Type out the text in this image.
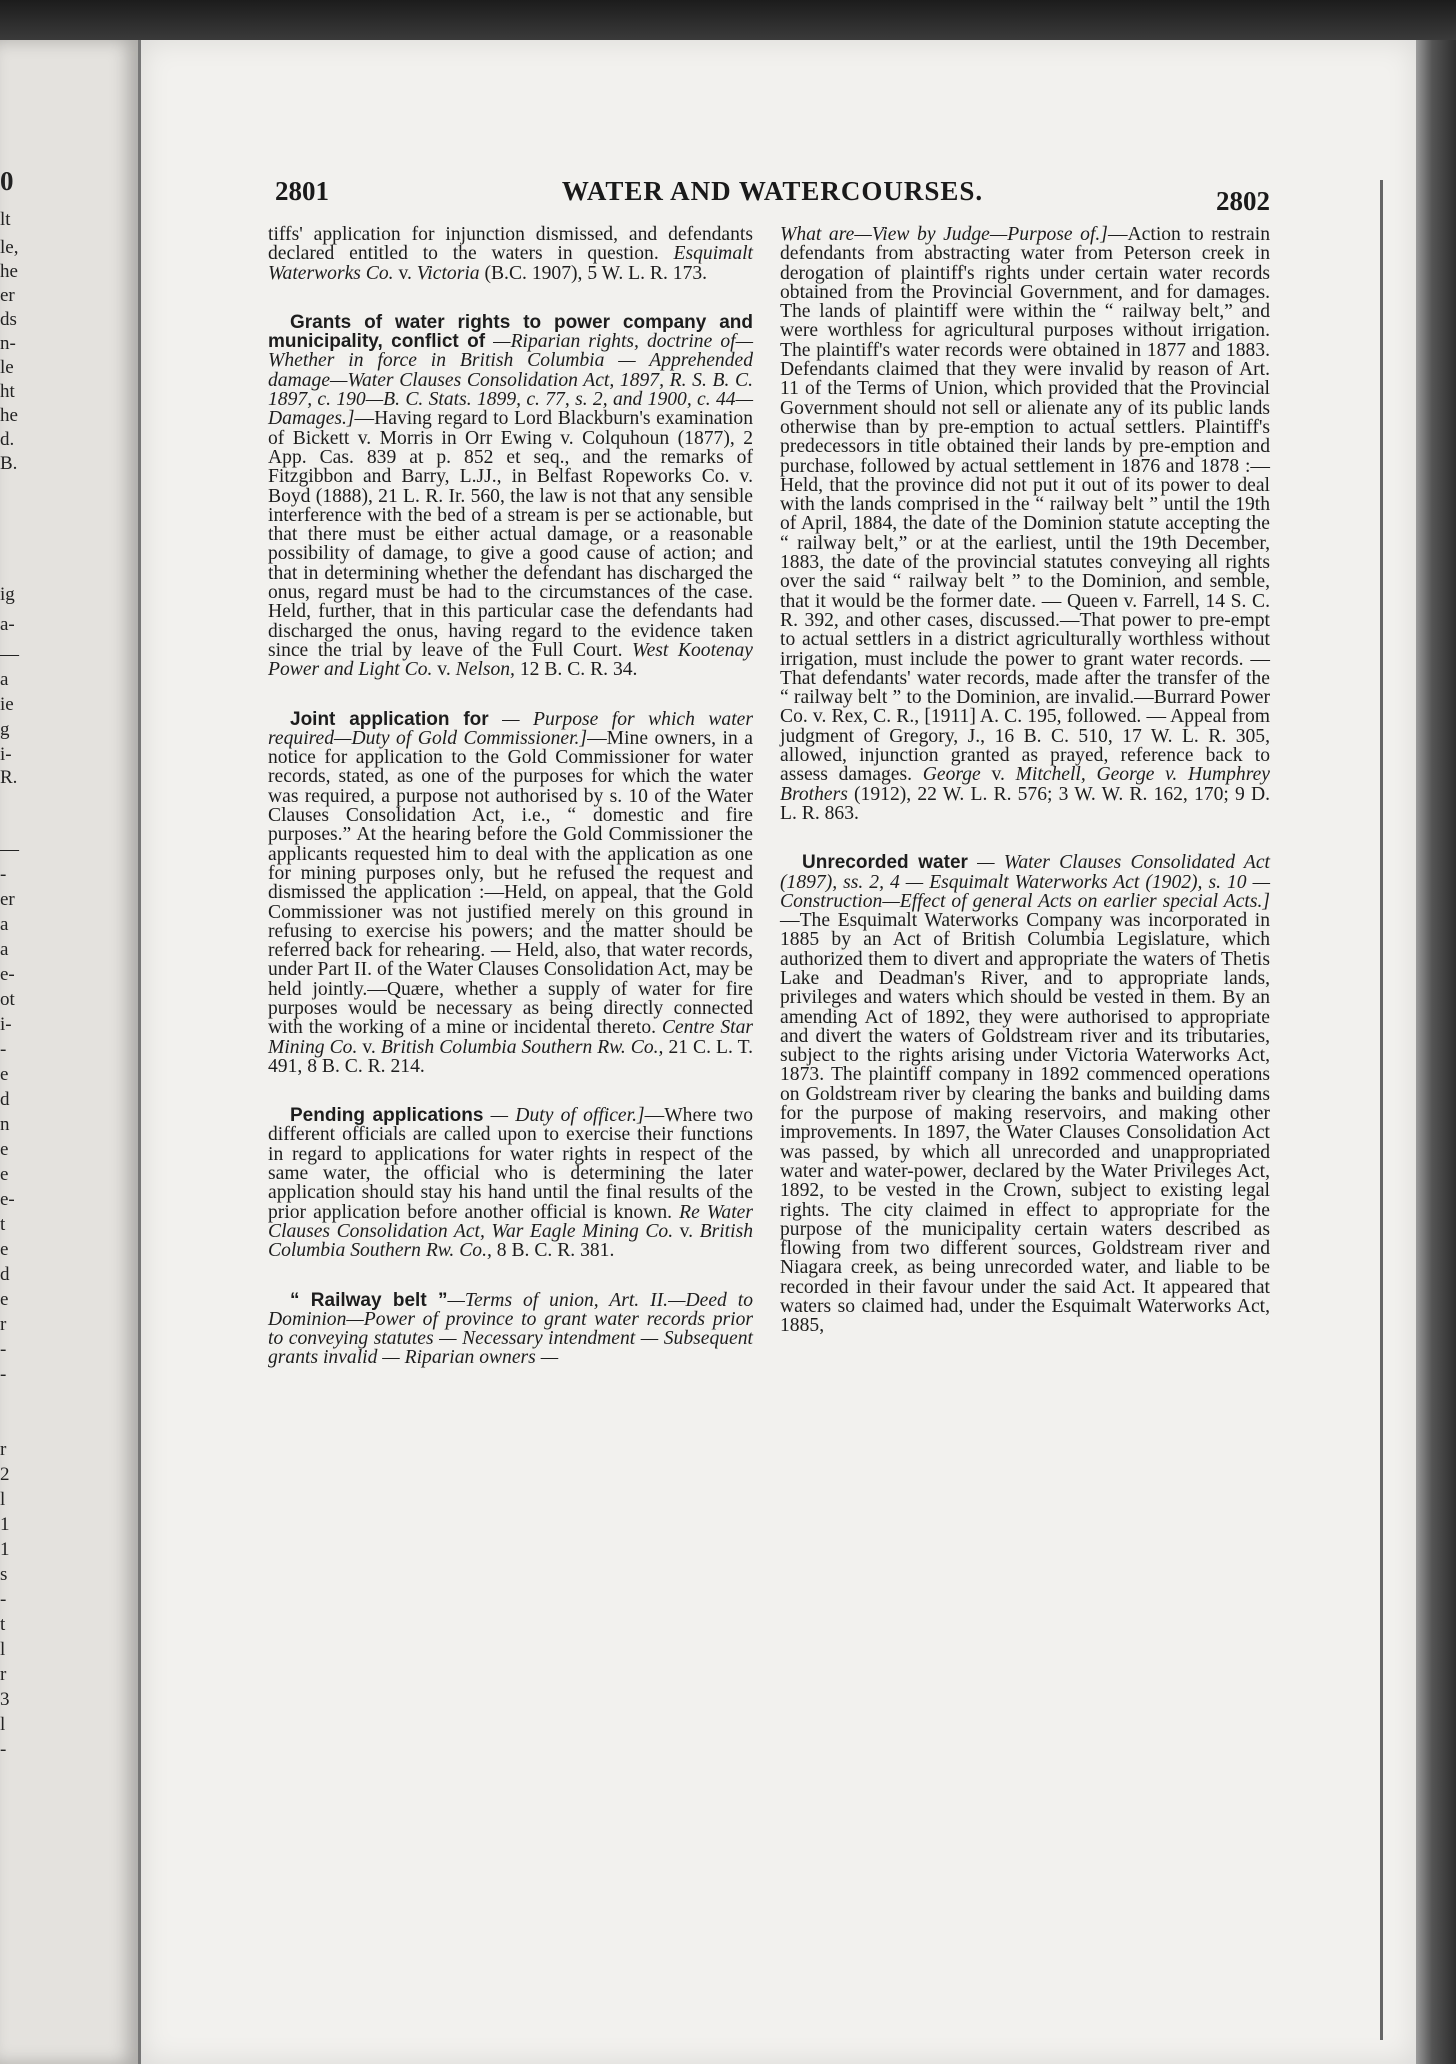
0
lt
le,
he
er
ds
n-
le
ht
he
d.
B.
ig
a-
—
a
ie
g
i-
R.
—
-
er
a
a
e-
ot
i-
-
e
d
n
e
e
e-
t
e
d
e
r
-
-
r
2
l
1
1
s
-
t
l
r
3
l
-
2801	WATER AND WATERCOURSES.	2802

tiffs' application for injunction dismissed, and defendants declared entitled to the waters in question. Esquimalt Waterworks Co. v. Victoria (B.C. 1907), 5 W. L. R. 173.

Grants of water rights to power company and municipality, conflict of —Riparian rights, doctrine of—Whether in force in British Columbia — Apprehended damage—Water Clauses Consolidation Act, 1897, R. S. B. C. 1897, c. 190—B. C. Stats. 1899, c. 77, s. 2, and 1900, c. 44—Damages.]—Having regard to Lord Blackburn's examination of Bickett v. Morris in Orr Ewing v. Colquhoun (1877), 2 App. Cas. 839 at p. 852 et seq., and the remarks of Fitzgibbon and Barry, L.JJ., in Belfast Ropeworks Co. v. Boyd (1888), 21 L. R. Ir. 560, the law is not that any sensible interference with the bed of a stream is per se actionable, but that there must be either actual damage, or a reasonable possibility of damage, to give a good cause of action; and that in determining whether the defendant has discharged the onus, regard must be had to the circumstances of the case. Held, further, that in this particular case the defendants had discharged the onus, having regard to the evidence taken since the trial by leave of the Full Court. West Kootenay Power and Light Co. v. Nelson, 12 B. C. R. 34.

Joint application for — Purpose for which water required—Duty of Gold Commissioner.]—Mine owners, in a notice for application to the Gold Commissioner for water records, stated, as one of the purposes for which the water was required, a purpose not authorised by s. 10 of the Water Clauses Consolidation Act, i.e., “ domestic and fire purposes.” At the hearing before the Gold Commissioner the applicants requested him to deal with the application as one for mining purposes only, but he refused the request and dismissed the application :—Held, on appeal, that the Gold Commissioner was not justified merely on this ground in refusing to exercise his powers; and the matter should be referred back for rehearing. — Held, also, that water records, under Part II. of the Water Clauses Consolidation Act, may be held jointly.—Quære, whether a supply of water for fire purposes would be necessary as being directly connected with the working of a mine or incidental thereto. Centre Star Mining Co. v. British Columbia Southern Rw. Co., 21 C. L. T. 491, 8 B. C. R. 214.

Pending applications — Duty of officer.]—Where two different officials are called upon to exercise their functions in regard to applications for water rights in respect of the same water, the official who is determining the later application should stay his hand until the final results of the prior application before another official is known. Re Water Clauses Consolidation Act, War Eagle Mining Co. v. British Columbia Southern Rw. Co., 8 B. C. R. 381.

“ Railway belt ”—Terms of union, Art. II.—Deed to Dominion—Power of province to grant water records prior to conveying statutes — Necessary intendment — Subsequent grants invalid — Riparian owners —

What are—View by Judge—Purpose of.]—Action to restrain defendants from abstracting water from Peterson creek in derogation of plaintiff's rights under certain water records obtained from the Provincial Government, and for damages. The lands of plaintiff were within the “ railway belt,” and were worthless for agricultural purposes without irrigation. The plaintiff's water records were obtained in 1877 and 1883. Defendants claimed that they were invalid by reason of Art. 11 of the Terms of Union, which provided that the Provincial Government should not sell or alienate any of its public lands otherwise than by pre-emption to actual settlers. Plaintiff's predecessors in title obtained their lands by pre-emption and purchase, followed by actual settlement in 1876 and 1878 :—Held, that the province did not put it out of its power to deal with the lands comprised in the “ railway belt ” until the 19th of April, 1884, the date of the Dominion statute accepting the “ railway belt,” or at the earliest, until the 19th December, 1883, the date of the provincial statutes conveying all rights over the said “ railway belt ” to the Dominion, and semble, that it would be the former date. — Queen v. Farrell, 14 S. C. R. 392, and other cases, discussed.—That power to pre-empt to actual settlers in a district agriculturally worthless without irrigation, must include the power to grant water records. — That defendants' water records, made after the transfer of the “ railway belt ” to the Dominion, are invalid.—Burrard Power Co. v. Rex, C. R., [1911] A. C. 195, followed. — Appeal from judgment of Gregory, J., 16 B. C. 510, 17 W. L. R. 305, allowed, injunction granted as prayed, reference back to assess damages. George v. Mitchell, George v. Humphrey Brothers (1912), 22 W. L. R. 576; 3 W. W. R. 162, 170; 9 D. L. R. 863.

Unrecorded water — Water Clauses Consolidated Act (1897), ss. 2, 4 — Esquimalt Waterworks Act (1902), s. 10 — Construction—Effect of general Acts on earlier special Acts.]—The Esquimalt Waterworks Company was incorporated in 1885 by an Act of British Columbia Legislature, which authorized them to divert and appropriate the waters of Thetis Lake and Deadman's River, and to appropriate lands, privileges and waters which should be vested in them. By an amending Act of 1892, they were authorised to appropriate and divert the waters of Goldstream river and its tributaries, subject to the rights arising under Victoria Waterworks Act, 1873. The plaintiff company in 1892 commenced operations on Goldstream river by clearing the banks and building dams for the purpose of making reservoirs, and making other improvements. In 1897, the Water Clauses Consolidation Act was passed, by which all unrecorded and unappropriated water and water-power, declared by the Water Privileges Act, 1892, to be vested in the Crown, subject to existing legal rights. The city claimed in effect to appropriate for the purpose of the municipality certain waters described as flowing from two different sources, Goldstream river and Niagara creek, as being unrecorded water, and liable to be recorded in their favour under the said Act. It appeared that waters so claimed had, under the Esquimalt Waterworks Act, 1885,
